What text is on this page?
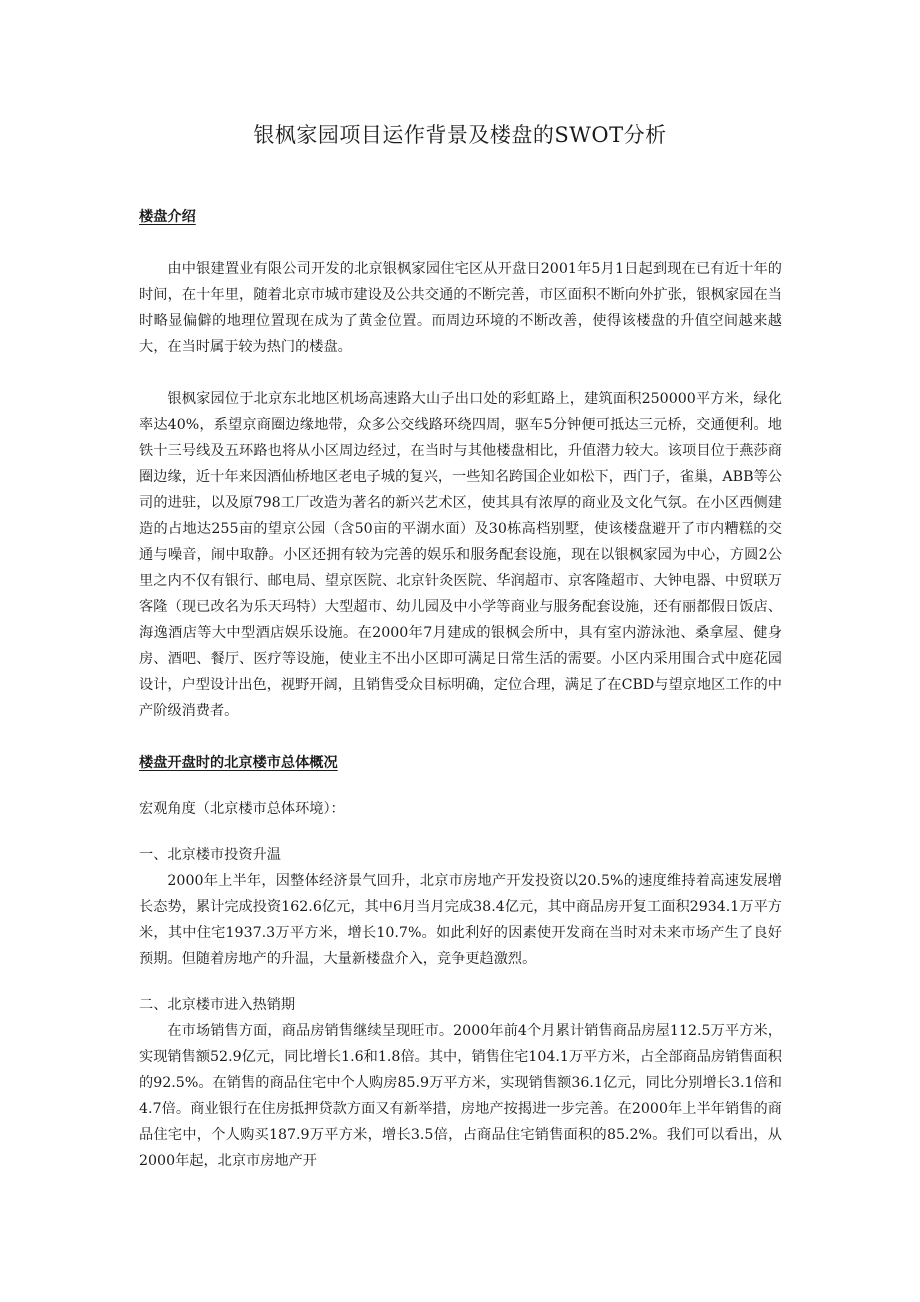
银枫家园项目运作背景及楼盘的SWOT分析

楼盘介绍

由中银建置业有限公司开发的北京银枫家园住宅区从开盘日2001年5月1日起到现在已有近十年的时间，在十年里，随着北京市城市建设及公共交通的不断完善，市区面积不断向外扩张，银枫家园在当时略显偏僻的地理位置现在成为了黄金位置。而周边环境的不断改善，使得该楼盘的升值空间越来越大，在当时属于较为热门的楼盘。

银枫家园位于北京东北地区机场高速路大山子出口处的彩虹路上，建筑面积250000平方米，绿化率达40%，系望京商圈边缘地带，众多公交线路环绕四周，驱车5分钟便可抵达三元桥，交通便利。地铁十三号线及五环路也将从小区周边经过，在当时与其他楼盘相比，升值潜力较大。该项目位于燕莎商圈边缘，近十年来因酒仙桥地区老电子城的复兴，一些知名跨国企业如松下，西门子，雀巢，ABB等公司的进驻，以及原798工厂改造为著名的新兴艺术区，使其具有浓厚的商业及文化气氛。在小区西侧建造的占地达255亩的望京公园（含50亩的平湖水面）及30栋高档别墅，使该楼盘避开了市内糟糕的交通与噪音，闹中取静。小区还拥有较为完善的娱乐和服务配套设施，现在以银枫家园为中心，方圆2公里之内不仅有银行、邮电局、望京医院、北京针灸医院、华润超市、京客隆超市、大钟电器、中贸联万客隆（现已改名为乐天玛特）大型超市、幼儿园及中小学等商业与服务配套设施，还有丽都假日饭店、海逸酒店等大中型酒店娱乐设施。在2000年7月建成的银枫会所中，具有室内游泳池、桑拿屋、健身房、酒吧、餐厅、医疗等设施，使业主不出小区即可满足日常生活的需要。小区内采用围合式中庭花园设计，户型设计出色，视野开阔，且销售受众目标明确，定位合理，满足了在CBD与望京地区工作的中产阶级消费者。

楼盘开盘时的北京楼市总体概况

宏观角度（北京楼市总体环境）：

一、北京楼市投资升温

2000年上半年，因整体经济景气回升，北京市房地产开发投资以20.5%的速度维持着高速发展增长态势，累计完成投资162.6亿元，其中6月当月完成38.4亿元，其中商品房开复工面积2934.1万平方米，其中住宅1937.3万平方米，增长10.7%。如此利好的因素使开发商在当时对未来市场产生了良好预期。但随着房地产的升温，大量新楼盘介入，竞争更趋激烈。

二、北京楼市进入热销期

在市场销售方面，商品房销售继续呈现旺市。2000年前4个月累计销售商品房屋112.5万平方米，实现销售额52.9亿元，同比增长1.6和1.8倍。其中，销售住宅104.1万平方米，占全部商品房销售面积的92.5%。在销售的商品住宅中个人购房85.9万平方米，实现销售额36.1亿元，同比分别增长3.1倍和4.7倍。商业银行在住房抵押贷款方面又有新举措，房地产按揭进一步完善。在2000年上半年销售的商品住宅中，个人购买187.9万平方米，增长3.5倍，占商品住宅销售面积的85.2%。我们可以看出，从2000年起，北京市房地产开
